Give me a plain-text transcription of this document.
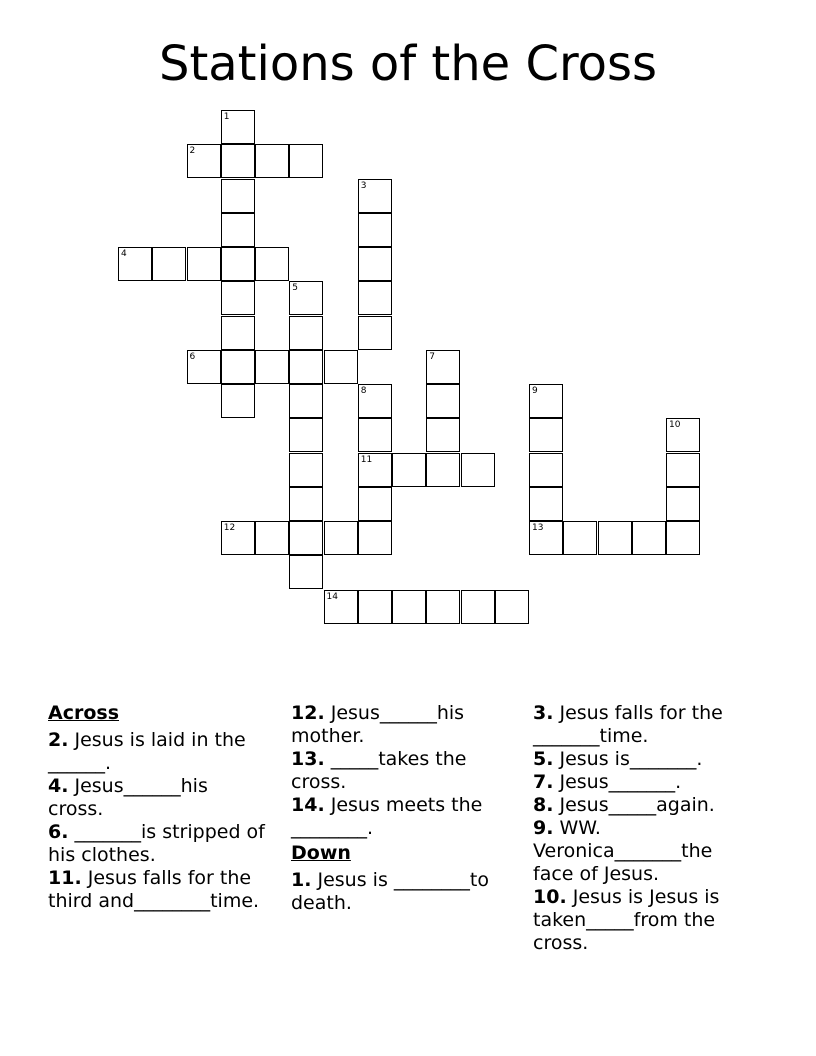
Stations of the Cross
1
2
3
4
5
6	7
8	9
10
11
12	13
14
Across
2. Jesus is laid in the ______.
4. Jesus______his cross.
6. _______is stripped of his clothes.
11. Jesus falls for the third and________time.
12. Jesus______his mother.
13. _____takes the cross.
14. Jesus meets the ________.
Down
1. Jesus is ________to death.
3. Jesus falls for the _______time.
5. Jesus is_______.
7. Jesus_______.
8. Jesus_____again.
9. WW. Veronica_______the face of Jesus.
10. Jesus is Jesus is taken_____from the cross.
